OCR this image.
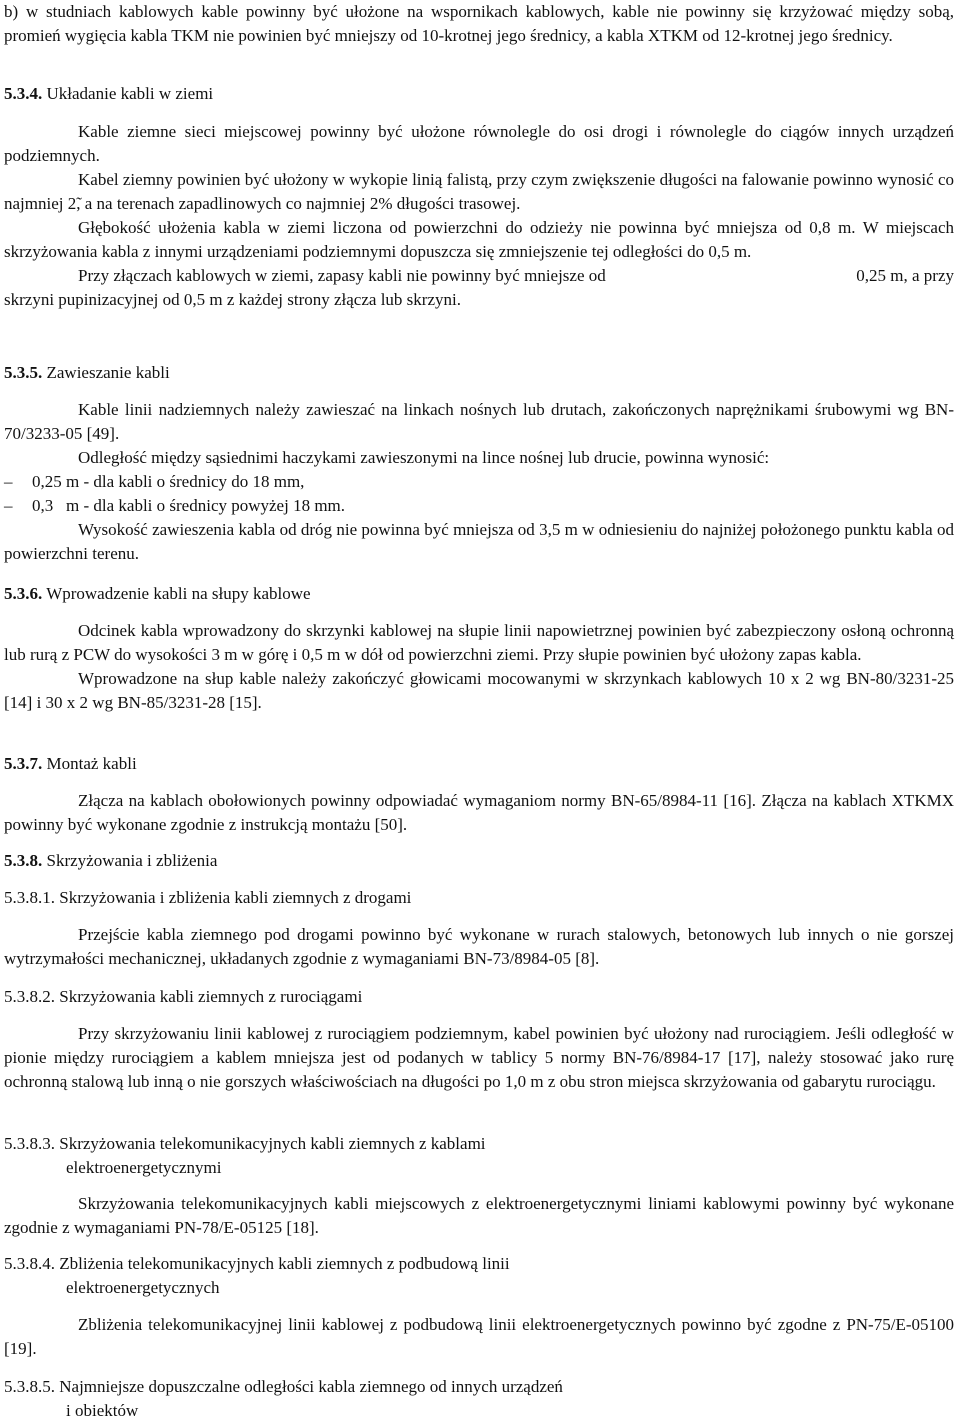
b) w studniach kablowych kable powinny być ułożone na wspornikach kablowych, kable nie powinny się krzyżować między sobą, promień wygięcia kabla TKM nie powinien być mniejszy od 10-krotnej jego średnicy, a kabla XTKM od 12-krotnej jego średnicy.

5.3.4. Układanie kabli w ziemi

Kable ziemne sieci miejscowej powinny być ułożone równolegle do osi drogi i równolegle do ciągów innych urządzeń podziemnych.

Kabel ziemny powinien być ułożony w wykopie linią falistą, przy czym zwiększenie długości na falowanie powinno wynosić co najmniej 2̃, a na terenach zapadlinowych co najmniej 2% długości trasowej.

Głębokość ułożenia kabla w ziemi liczona od powierzchni do odzieży nie powinna być mniejsza od 0,8 m. W miejscach skrzyżowania kabla z innymi urządzeniami podziemnymi dopuszcza się zmniejszenie tej odległości do 0,5 m.

Przy złączach kablowych w ziemi, zapasy kabli nie powinny być mniejsze od	0,25 m, a przy

skrzyni pupinizacyjnej od 0,5 m z każdej strony złącza lub skrzyni.

5.3.5. Zawieszanie kabli

Kable linii nadziemnych należy zawieszać na linkach nośnych lub drutach, zakończonych naprężnikami śrubowymi wg BN-70/3233-05 [49].

Odległość między sąsiednimi haczykami zawieszonymi na lince nośnej lub drucie, powinna wynosić:

– 0,25 m - dla kabli o średnicy do 18 mm,
– 0,3   m - dla kabli o średnicy powyżej 18 mm.

Wysokość zawieszenia kabla od dróg nie powinna być mniejsza od 3,5 m w odniesieniu do najniżej położonego punktu kabla od powierzchni terenu.

5.3.6. Wprowadzenie kabli na słupy kablowe

Odcinek kabla wprowadzony do skrzynki kablowej na słupie linii napowietrznej powinien być zabezpieczony osłoną ochronną lub rurą z PCW do wysokości 3 m w górę i 0,5 m w dół od powierzchni ziemi. Przy słupie powinien być ułożony zapas kabla.

Wprowadzone na słup kable należy zakończyć głowicami mocowanymi w skrzynkach kablowych 10 x 2 wg BN-80/3231-25 [14] i 30 x 2 wg BN-85/3231-28 [15].

5.3.7. Montaż kabli

Złącza na kablach obołowionych powinny odpowiadać wymaganiom normy BN-65/8984-11 [16]. Złącza na kablach XTKMX powinny być wykonane zgodnie z instrukcją montażu [50].

5.3.8. Skrzyżowania i zbliżenia
5.3.8.1. Skrzyżowania i zbliżenia kabli ziemnych z drogami

Przejście kabla ziemnego pod drogami powinno być wykonane w rurach stalowych, betonowych lub innych o nie gorszej wytrzymałości mechanicznej, układanych zgodnie z wymaganiami BN-73/8984-05 [8].

5.3.8.2. Skrzyżowania kabli ziemnych z rurociągami

Przy skrzyżowaniu linii kablowej z rurociągiem podziemnym, kabel powinien być ułożony nad rurociągiem. Jeśli odległość w pionie między rurociągiem a kablem mniejsza jest od podanych w tablicy 5 normy BN-76/8984-17 [17], należy stosować jako rurę ochronną stalową lub inną o nie gorszych właściwościach na długości po 1,0 m z obu stron miejsca skrzyżowania od gabarytu rurociągu.

5.3.8.3. Skrzyżowania telekomunikacyjnych kabli ziemnych z kablami
elektroenergetycznymi

Skrzyżowania telekomunikacyjnych kabli miejscowych z elektroenergetycznymi liniami kablowymi powinny być wykonane zgodnie z wymaganiami PN-78/E-05125 [18].

5.3.8.4. Zbliżenia telekomunikacyjnych kabli ziemnych z podbudową linii
elektroenergetycznych

Zbliżenia telekomunikacyjnej linii kablowej z podbudową linii elektroenergetycznych powinno być zgodne z PN-75/E-05100 [19].

5.3.8.5. Najmniejsze dopuszczalne odległości kabla ziemnego od innych urządzeń
i obiektów
